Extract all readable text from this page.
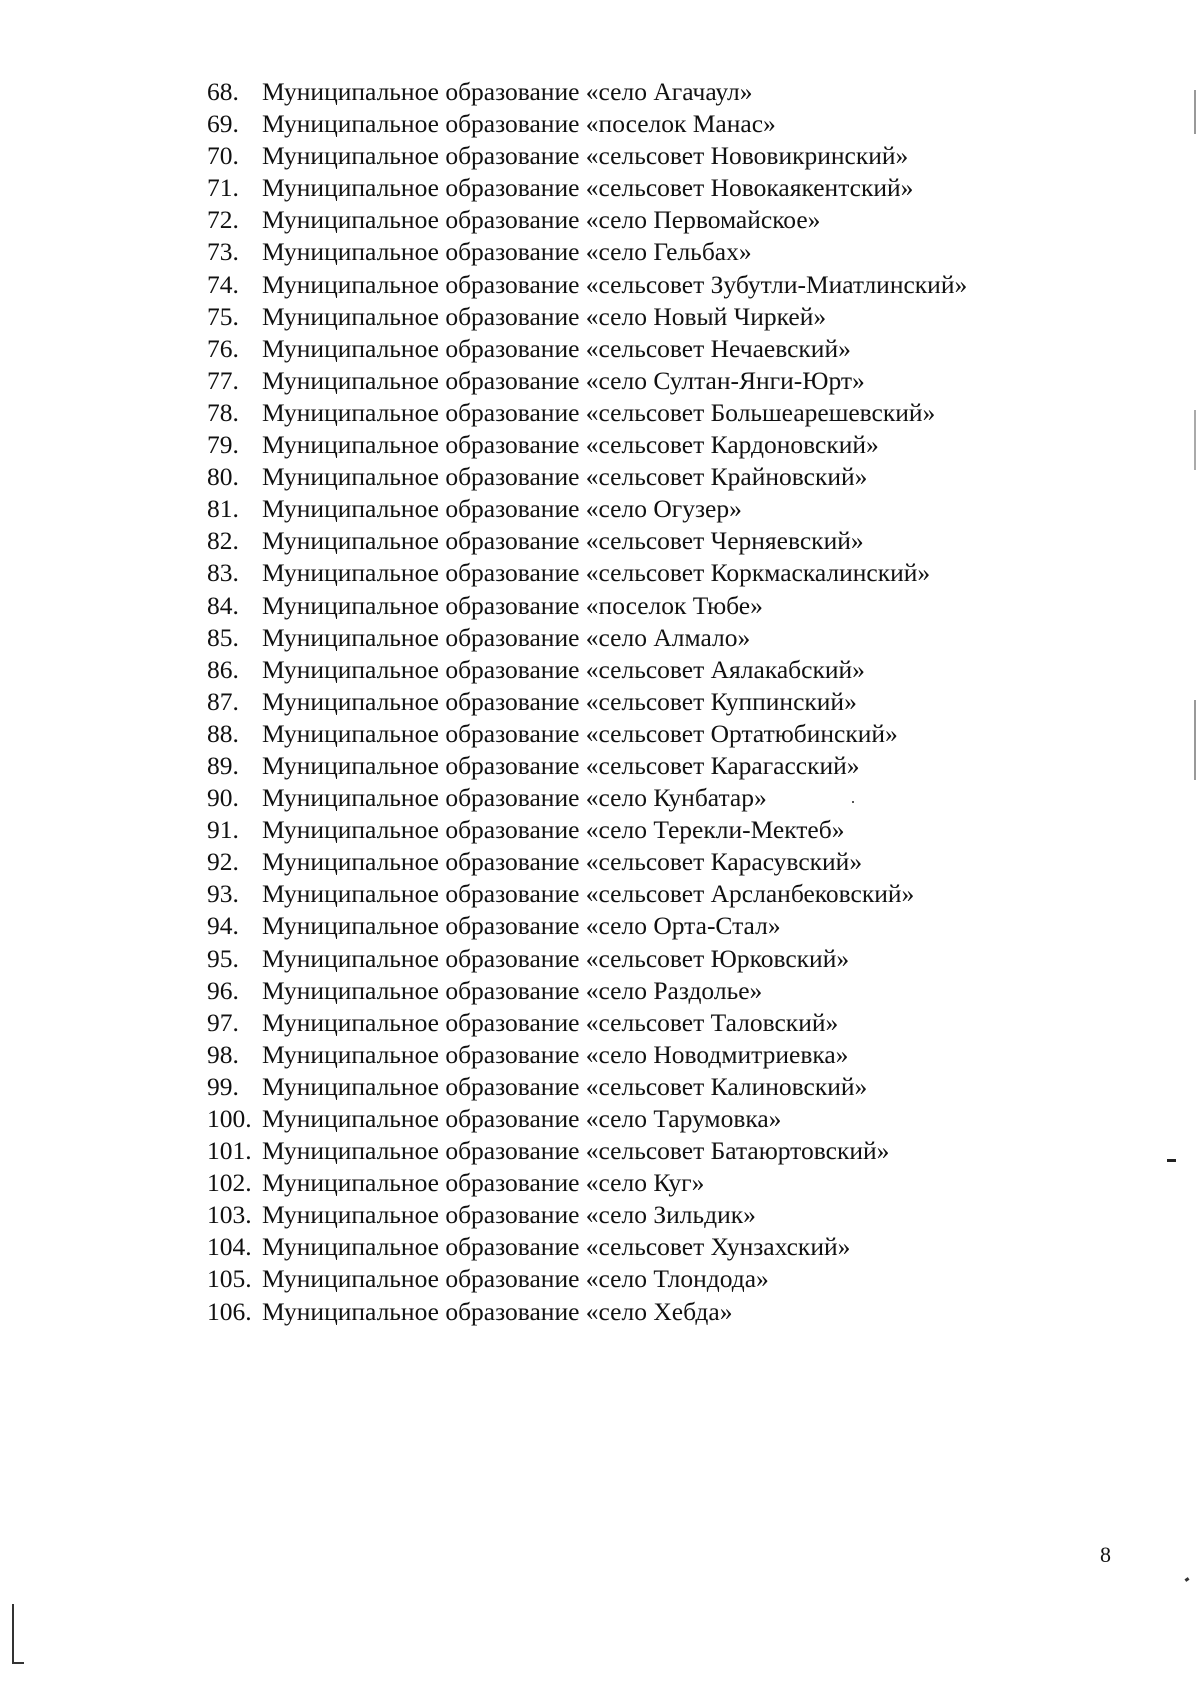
68. Муниципальное образование «село Агачаул»
69. Муниципальное образование «поселок Манас»
70. Муниципальное образование «сельсовет Нововикринский»
71. Муниципальное образование «сельсовет Новокаякентский»
72. Муниципальное образование «село Первомайское»
73. Муниципальное образование «село Гельбах»
74. Муниципальное образование «сельсовет Зубутли-Миатлинский»
75. Муниципальное образование «село Новый Чиркей»
76. Муниципальное образование «сельсовет Нечаевский»
77. Муниципальное образование «село Султан-Янги-Юрт»
78. Муниципальное образование «сельсовет Большеарешевский»
79. Муниципальное образование «сельсовет Кардоновский»
80. Муниципальное образование «сельсовет Крайновский»
81. Муниципальное образование «село Огузер»
82. Муниципальное образование «сельсовет Черняевский»
83. Муниципальное образование «сельсовет Коркмаскалинский»
84. Муниципальное образование «поселок Тюбе»
85. Муниципальное образование «село Алмало»
86. Муниципальное образование «сельсовет Аялакабский»
87. Муниципальное образование «сельсовет Куппинский»
88. Муниципальное образование «сельсовет Ортатюбинский»
89. Муниципальное образование «сельсовет Карагасский»
90. Муниципальное образование «село Кунбатар»
91. Муниципальное образование «село Терекли-Мектеб»
92. Муниципальное образование «сельсовет Карасувский»
93. Муниципальное образование «сельсовет Арсланбековский»
94. Муниципальное образование «село Орта-Стал»
95. Муниципальное образование «сельсовет Юрковский»
96. Муниципальное образование «село Раздолье»
97. Муниципальное образование «сельсовет Таловский»
98. Муниципальное образование «село Новодмитриевка»
99. Муниципальное образование «сельсовет Калиновский»
100. Муниципальное образование «село Тарумовка»
101. Муниципальное образование «сельсовет Батаюртовский»
102. Муниципальное образование «село Куг»
103. Муниципальное образование «село Зильдик»
104. Муниципальное образование «сельсовет Хунзахский»
105. Муниципальное образование «село Тлондода»
106. Муниципальное образование «село Хебда»
8
